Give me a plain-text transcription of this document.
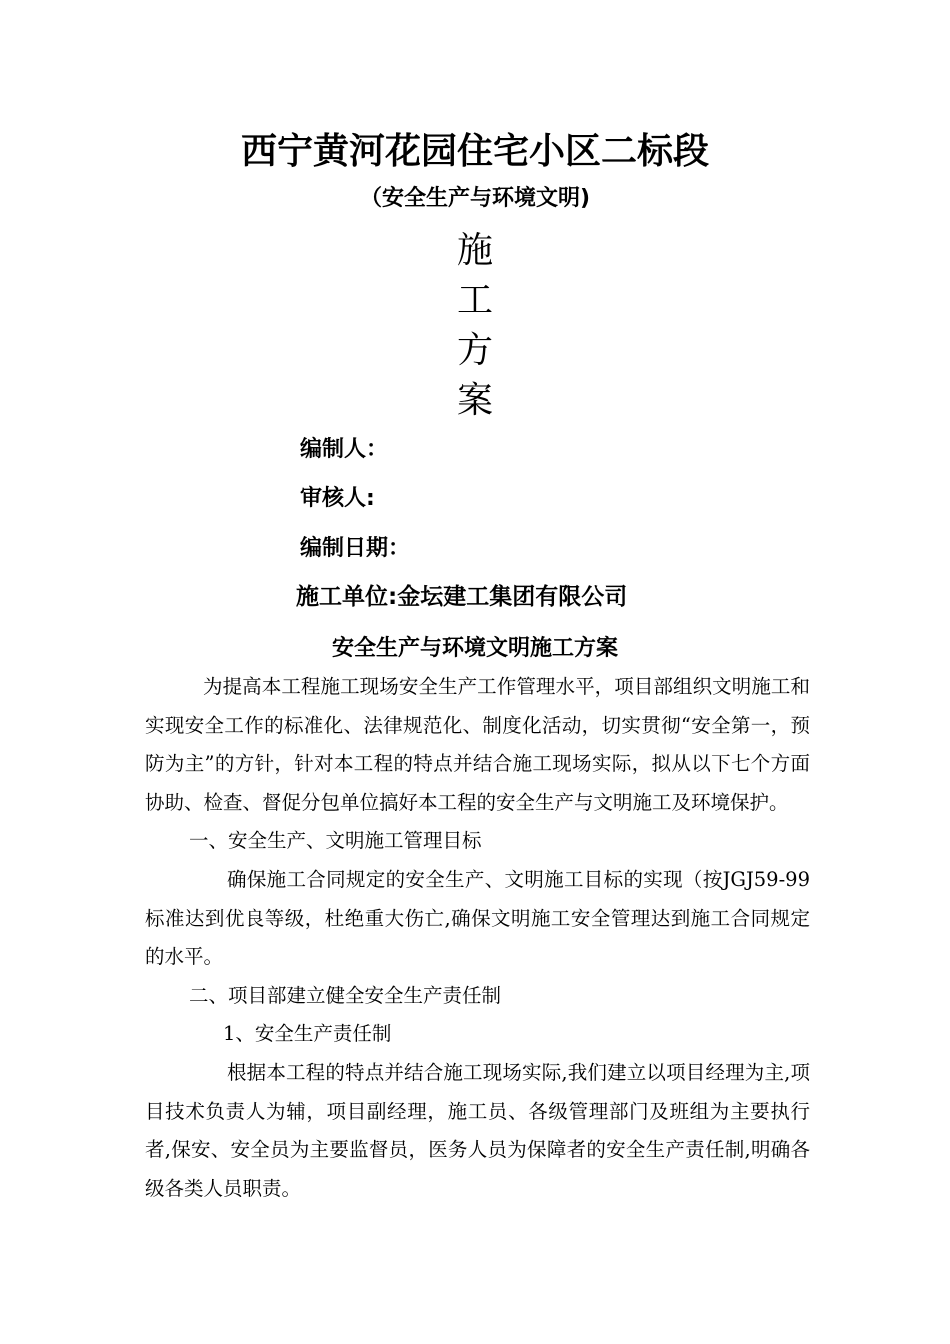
西宁黄河花园住宅小区二标段
（安全生产与环境文明)
施
工
方
案
编制人：
审核人:
编制日期：
施工单位:金坛建工集团有限公司
安全生产与环境文明施工方案

为提高本工程施工现场安全生产工作管理水平，项目部组织文明施工和实现安全工作的标准化、法律规范化、制度化活动，切实贯彻“安全第一，预防为主”的方针，针对本工程的特点并结合施工现场实际，拟从以下七个方面协助、检查、督促分包单位搞好本工程的安全生产与文明施工及环境保护。

一、安全生产、文明施工管理目标

确保施工合同规定的安全生产、文明施工目标的实现（按JGJ59-99标准达到优良等级，杜绝重大伤亡,确保文明施工安全管理达到施工合同规定的水平。

二、项目部建立健全安全生产责任制

1、安全生产责任制

根据本工程的特点并结合施工现场实际,我们建立以项目经理为主,项目技术负责人为辅，项目副经理，施工员、各级管理部门及班组为主要执行者,保安、安全员为主要监督员，医务人员为保障者的安全生产责任制,明确各级各类人员职责。
